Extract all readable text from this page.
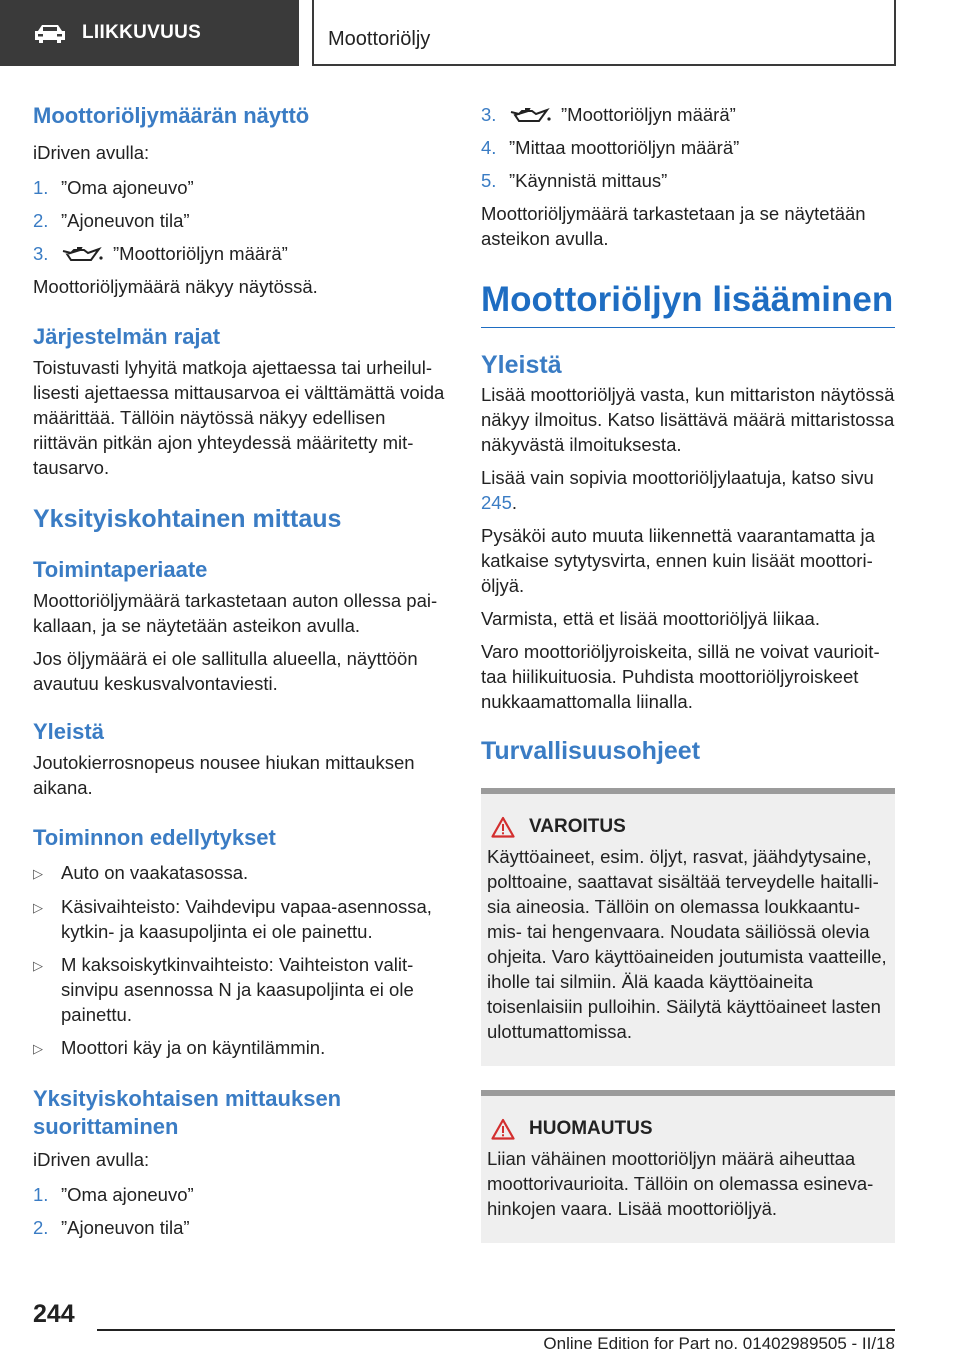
LIIKKUVUUS	Moottoriöljy
Moottoriöljymäärän näyttö

iDriven avulla:

1. ”Oma ajoneuvo”
2. ”Ajoneuvon tila”
3.	”Moottoriöljyn määrä”

Moottoriöljymäärä näkyy näytössä.

Järjestelmän rajat

Toistuvasti lyhyitä matkoja ajettaessa tai urheilullisesti ajettaessa mittausarvoa ei välttämättä voida määrittää. Tällöin näytössä näkyy edellisen riittävän pitkän ajon yhteydessä määritetty mittausarvo.

Yksityiskohtainen mittaus
Toimintaperiaate

Moottoriöljymäärä tarkastetaan auton ollessa paikallaan, ja se näytetään asteikon avulla.

Jos öljymäärä ei ole sallitulla alueella, näyttöön avautuu keskusvalvontaviesti.

Yleistä

Joutokierrosnopeus nousee hiukan mittauksen aikana.

Toiminnon edellytykset
▷ Auto on vaakatasossa.
▷ Käsivaihteisto: Vaihdevipu vapaa-asennossa, kytkin- ja kaasupoljinta ei ole painettu.
▷ M kaksoiskytkinvaihteisto: Vaihteiston valitsinvipu asennossa N ja kaasupoljinta ei ole painettu.
▷ Moottori käy ja on käyntilämmin.
Yksityiskohtaisen mittauksen suorittaminen

iDriven avulla:

1. ”Oma ajoneuvo”
2. ”Ajoneuvon tila”
3.	”Moottoriöljyn määrä”
4. ”Mittaa moottoriöljyn määrä”
5. ”Käynnistä mittaus”

Moottoriöljymäärä tarkastetaan ja se näytetään asteikon avulla.

Moottoriöljyn lisääminen
Yleistä

Lisää moottoriöljyä vasta, kun mittariston näytössä näkyy ilmoitus. Katso lisättävä määrä mittaristossa näkyvästä ilmoituksesta.

Lisää vain sopivia moottoriöljylaatuja, katso sivu 245.

Pysäköi auto muuta liikennettä vaarantamatta ja katkaise sytytysvirta, ennen kuin lisäät moottoriöljyä.

Varmista, että et lisää moottoriöljyä liikaa.

Varo moottoriöljyroiskeita, sillä ne voivat vaurioittaa hiilikuituosia. Puhdista moottoriöljyroiskeet nukkaamattomalla liinalla.

Turvallisuusohjeet
VAROITUS

Käyttöaineet, esim. öljyt, rasvat, jäähdytysaine, polttoaine, saattavat sisältää terveydelle haitallisia aineosia. Tällöin on olemassa loukkaantumis- tai hengenvaara. Noudata säiliössä olevia ohjeita. Varo käyttöaineiden joutumista vaatteille, iholle tai silmiin. Älä kaada käyttöaineita toisenlaisiin pulloihin. Säilytä käyttöaineet lasten ulottumattomissa.

HUOMAUTUS

Liian vähäinen moottoriöljyn määrä aiheuttaa moottorivaurioita. Tällöin on olemassa esinevahinkojen vaara. Lisää moottoriöljyä.

244
Online Edition for Part no. 01402989505 - II/18
